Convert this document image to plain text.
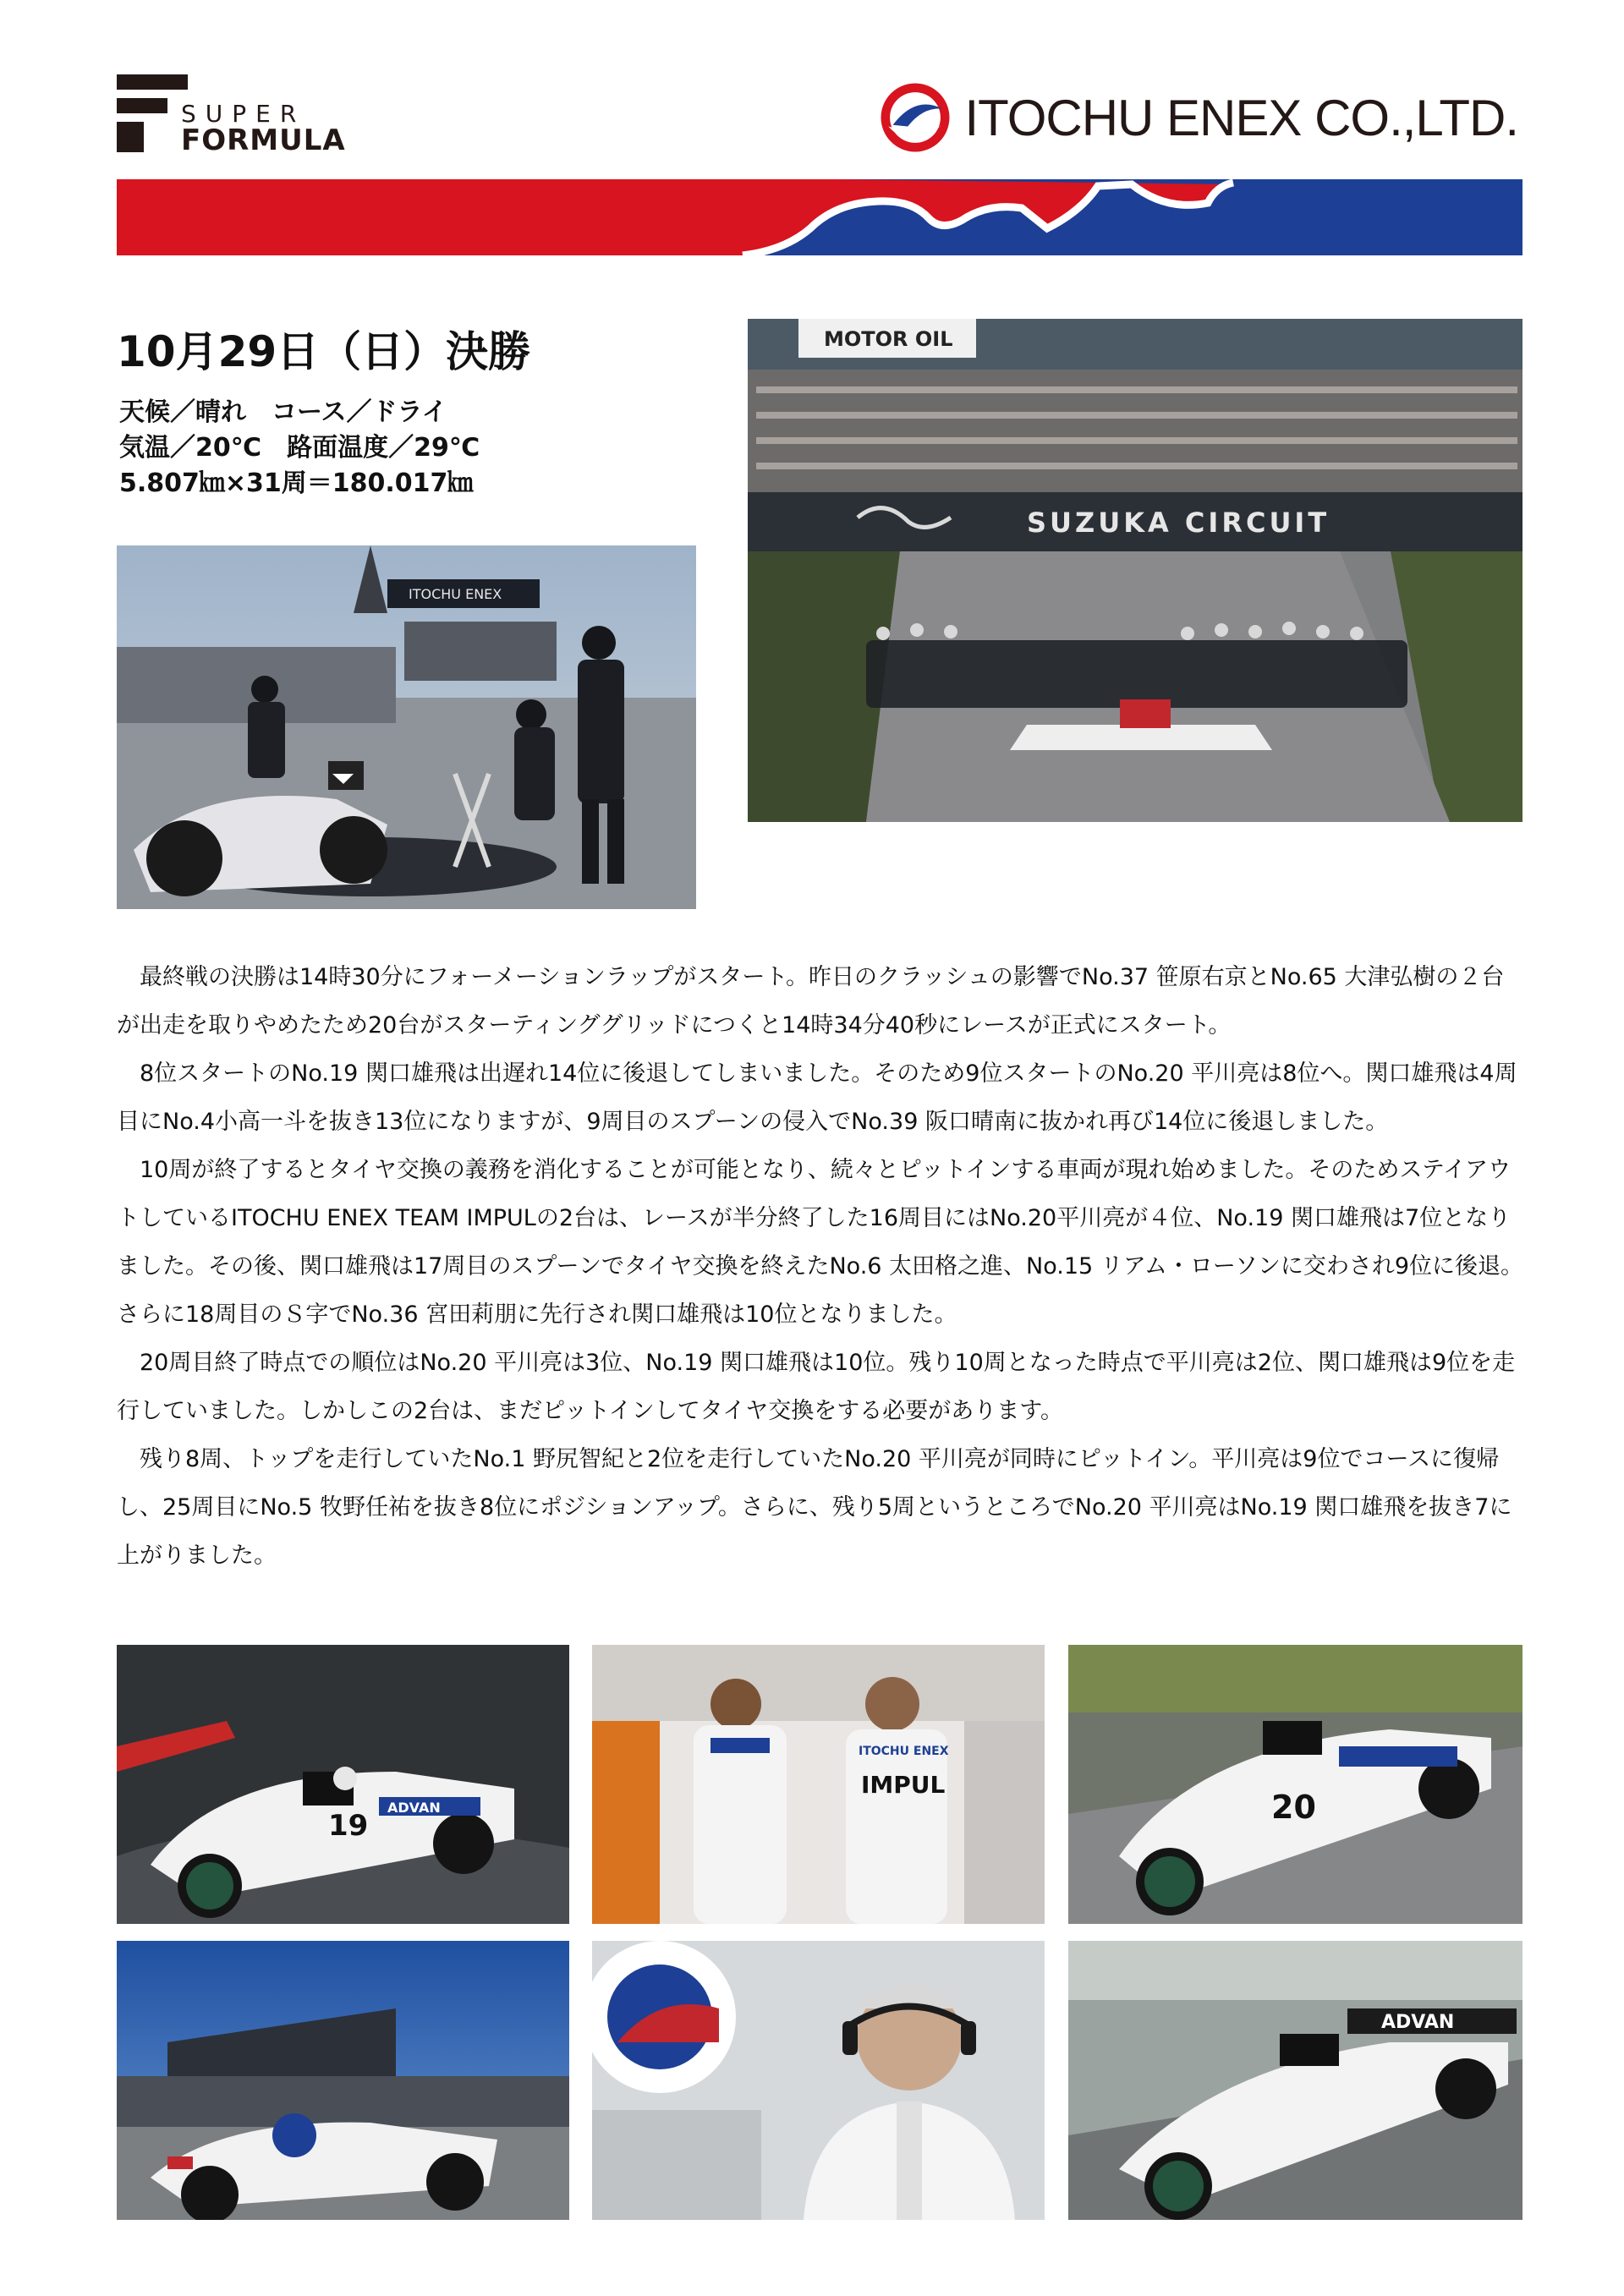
SUPER
FORMULA	ITOCHU ENEX CO.,LTD.
10月29日（日）決勝
天候／晴れ　コース／ドライ
気温／20℃　路面温度／29℃
5.807㎞×31周＝180.017㎞
ITOCHU ENEX
MOTOR OIL
SUZUKA CIRCUIT

最終戦の決勝は14時30分にフォーメーションラップがスタート。昨日のクラッシュの影響でNo.37 笹原右京とNo.65 大津弘樹の２台が出走を取りやめたため20台がスターティンググリッドにつくと14時34分40秒にレースが正式にスタート。

8位スタートのNo.19 関口雄飛は出遅れ14位に後退してしまいました。そのため9位スタートのNo.20 平川亮は8位へ。関口雄飛は4周目にNo.4小高一斗を抜き13位になりますが、9周目のスプーンの侵入でNo.39 阪口晴南に抜かれ再び14位に後退しました。

10周が終了するとタイヤ交換の義務を消化することが可能となり、続々とピットインする車両が現れ始めました。そのためステイアウトしているITOCHU ENEX TEAM IMPULの2台は、レースが半分終了した16周目にはNo.20平川亮が４位、No.19 関口雄飛は7位となりました。その後、関口雄飛は17周目のスプーンでタイヤ交換を終えたNo.6 太田格之進、No.15 リアム・ローソンに交わされ9位に後退。さらに18周目のＳ字でNo.36 宮田莉朋に先行され関口雄飛は10位となりました。

20周目終了時点での順位はNo.20 平川亮は3位、No.19 関口雄飛は10位。残り10周となった時点で平川亮は2位、関口雄飛は9位を走行していました。しかしこの2台は、まだピットインしてタイヤ交換をする必要があります。

残り8周、トップを走行していたNo.1 野尻智紀と2位を走行していたNo.20 平川亮が同時にピットイン。平川亮は9位でコースに復帰し、25周目にNo.5 牧野任祐を抜き8位にポジションアップ。さらに、残り5周というところでNo.20 平川亮はNo.19 関口雄飛を抜き7に上がりました。

19
ADVAN
ITOCHU ENEX
IMPUL
20
ADVAN
